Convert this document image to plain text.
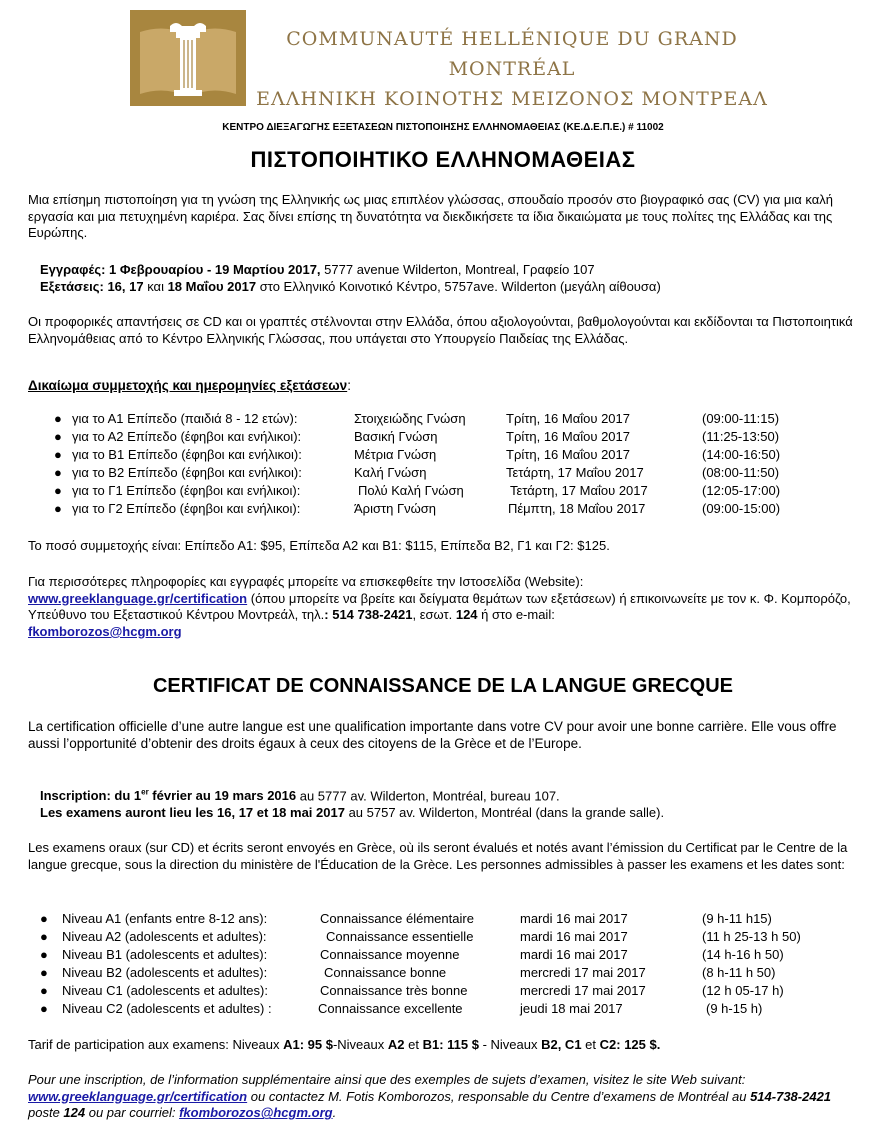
COMMUNAUTÉ HELLÉNIQUE DU GRAND MONTRÉAL
ΕΛΛΗΝΙΚΗ ΚΟΙΝΟΤΗΣ ΜΕΙΖΟΝΟΣ ΜΟΝΤΡΕΑΛ
ΚΕΝΤΡΟ ΔΙΕΞΑΓΩΓΗΣ ΕΞΕΤΑΣΕΩΝ ΠΙΣΤΟΠΟΙΗΣΗΣ ΕΛΛΗΝΟΜΑΘΕΙΑΣ (ΚΕ.Δ.Ε.Π.Ε.) # 11002
ΠΙΣΤΟΠΟΙΗΤΙΚΟ ΕΛΛΗΝΟΜΑΘΕΙΑΣ
Μια επίσημη πιστοποίηση για τη γνώση της Ελληνικής ως μιας επιπλέον γλώσσας, σπουδαίο προσόν στο βιογραφικό σας (CV) για μια καλή εργασία και μια πετυχημένη καριέρα. Σας δίνει επίσης τη δυνατότητα να διεκδικήσετε τα ίδια δικαιώματα με τους πολίτες της Ελλάδας και της Ευρώπης.
Εγγραφές: 1 Φεβρουαρίου - 19 Μαρτίου 2017, 5777 avenue Wilderton, Montreal, Γραφείο 107
Εξετάσεις: 16, 17 και 18 Μαΐου 2017 στο Ελληνικό Κοινοτικό Κέντρο, 5757ave. Wilderton (μεγάλη αίθουσα)
Οι προφορικές απαντήσεις σε CD και οι γραπτές στέλνονται στην Ελλάδα, όπου αξιολογούνται, βαθμολογούνται και εκδίδονται τα Πιστοποιητικά Ελληνομάθειας από το Κέντρο Ελληνικής Γλώσσας, που υπάγεται στο Υπουργείο Παιδείας της Ελλάδας.
Δικαίωμα συμμετοχής και ημερομηνίες εξετάσεων:
● για το Α1 Επίπεδο (παιδιά 8 - 12 ετών):	Στοιχειώδης Γνώση	Τρίτη, 16 Μαΐου 2017	(09:00-11:15)
● για το Α2 Επίπεδο (έφηβοι και ενήλικοι):	Βασική Γνώση	Τρίτη, 16 Μαΐου 2017	(11:25-13:50)
● για το Β1 Επίπεδο (έφηβοι και ενήλικοι):	Μέτρια Γνώση	Τρίτη, 16 Μαΐου 2017	(14:00-16:50)
● για το Β2 Επίπεδο (έφηβοι και ενήλικοι):	Καλή Γνώση	Τετάρτη, 17 Μαΐου 2017	(08:00-11:50)
● για το Γ1 Επίπεδο (έφηβοι και ενήλικοι):	Πολύ Καλή Γνώση	Τετάρτη, 17 Μαΐου 2017	(12:05-17:00)
● για το Γ2 Επίπεδο (έφηβοι και ενήλικοι):	Άριστη Γνώση	Πέμπτη, 18 Μαΐου 2017	(09:00-15:00)
Το ποσό συμμετοχής είναι: Επίπεδο Α1: $95, Επίπεδα Α2 και Β1: $115, Επίπεδα Β2, Γ1 και Γ2: $125.
Για περισσότερες πληροφορίες και εγγραφές μπορείτε να επισκεφθείτε την Ιστοσελίδα (Website):
www.greeklanguage.gr/certification (όπου μπορείτε να βρείτε και δείγματα θεμάτων των εξετάσεων) ή επικοινωνείτε με τον κ. Φ. Κομπορόζο, Υπεύθυνο του Εξεταστικού Κέντρου Μοντρεάλ, τηλ.: 514 738-2421, εσωτ. 124 ή στο e-mail:
fkomborozos@hcgm.org
CERTIFICAT DE CONNAISSANCE DE LA LANGUE GRECQUE
La certification officielle d’une autre langue est une qualification importante dans votre CV pour avoir une bonne carrière. Elle vous offre aussi l’opportunité d’obtenir des droits égaux à ceux des citoyens de la Grèce et de l’Europe.
Inscription: du 1er février au 19 mars 2016 au 5777 av. Wilderton, Montréal, bureau 107.
Les examens auront lieu les 16, 17 et 18 mai 2017 au 5757 av. Wilderton, Montréal (dans la grande salle).
Les examens oraux (sur CD) et écrits seront envoyés en Grèce, où ils seront évalués et notés avant l’émission du Certificat par le Centre de la langue grecque, sous la direction du ministère de l'Éducation de la Grèce. Les personnes admissibles à passer les examens et les dates sont:
● Niveau A1 (enfants entre 8-12 ans):	Connaissance élémentaire	mardi 16 mai 2017	(9 h-11 h15)
● Niveau A2 (adolescents et adultes):	Connaissance essentielle	mardi 16 mai 2017	(11 h 25-13 h 50)
● Niveau B1 (adolescents et adultes):	Connaissance moyenne	mardi 16 mai 2017	(14 h-16 h 50)
● Niveau B2 (adolescents et adultes):	Connaissance bonne	mercredi 17 mai 2017	(8 h-11 h 50)
● Niveau C1 (adolescents et adultes):	Connaissance très bonne	mercredi 17 mai 2017	(12 h 05-17 h)
● Niveau C2 (adolescents et adultes) :	Connaissance excellente	jeudi 18 mai 2017	(9 h-15 h)
Tarif de participation aux examens: Niveaux A1: 95 $-Niveaux A2 et B1: 115 $ - Niveaux B2, C1 et C2: 125 $.
Pour une inscription, de l’information supplémentaire ainsi que des exemples de sujets d’examen, visitez le site Web suivant:
www.greeklanguage.gr/certification ou contactez M. Fotis Komborozos, responsable du Centre d’examens de Montréal au 514-738-2421 poste 124 ou par courriel: fkomborozos@hcgm.org.
